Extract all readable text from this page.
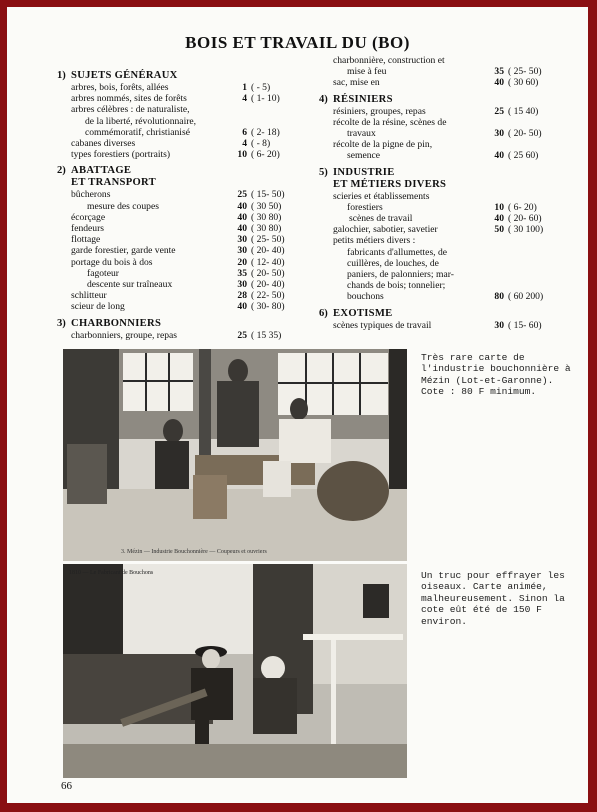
BOIS ET TRAVAIL DU (BO)
1) SUJETS GÉNÉRAUX
arbres, bois, forêts, allées	1 ( - 5)
arbres nommés, sites de forêts	4 ( 1- 10)
arbres célèbres : de naturaliste,
de la liberté, révolutionnaire,
commémoratif, christianisé	6 ( 2- 18)
cabanes diverses	4 ( - 8)
types forestiers (portraits)	10 ( 6- 20)
2) ABATTAGE
ET TRANSPORT
bûcherons	25 ( 15- 50)
mesure des coupes	40 ( 30 50)
écorçage	40 ( 30 80)
fendeurs	40 ( 30 80)
flottage	30 ( 25- 50)
garde forestier, garde vente	30 ( 20- 40)
portage du bois à dos	20 ( 12- 40)
fagoteur	35 ( 20- 50)
descente sur traîneaux	30 ( 20- 40)
schlitteur	28 ( 22- 50)
scieur de long	40 ( 30- 80)
3) CHARBONNIERS
charbonniers, groupe, repas	25 ( 15 35)
charbonnière, construction et
mise à feu	35 ( 25- 50)
sac, mise en	40 ( 30 60)
4) RÉSINIERS
résiniers, groupes, repas	25 ( 15 40)
récolte de la résine, scènes de
travaux	30 ( 20- 50)
récolte de la pigne de pin,
semence	40 ( 25 60)
5) INDUSTRIE
ET MÉTIERS DIVERS
scieries et établissements
forestiers	10 ( 6- 20)
scènes de travail	40 ( 20- 60)
galochier, sabotier, savetier	50 ( 30 100)
petits métiers divers :
fabricants d'allumettes, de
cuillères, de louches, de
paniers, de palonniers; mar-
chands de bois; tonnelier;
bouchons	80 ( 60 200)
6) EXOTISME
scènes typiques de travail	30 ( 15- 60)
3. Mézin — Industrie Bouchonnière — Coupeurs et ouvriers
1810 — Le Fabricant de Bouchons
Très rare carte de l'industrie bouchonnière à Mézin (Lot-et-Garonne). Cote : 80 F minimum.
Un truc pour effrayer les oiseaux. Carte animée, malheureusement. Sinon la cote eût été de 150 F environ.
66
